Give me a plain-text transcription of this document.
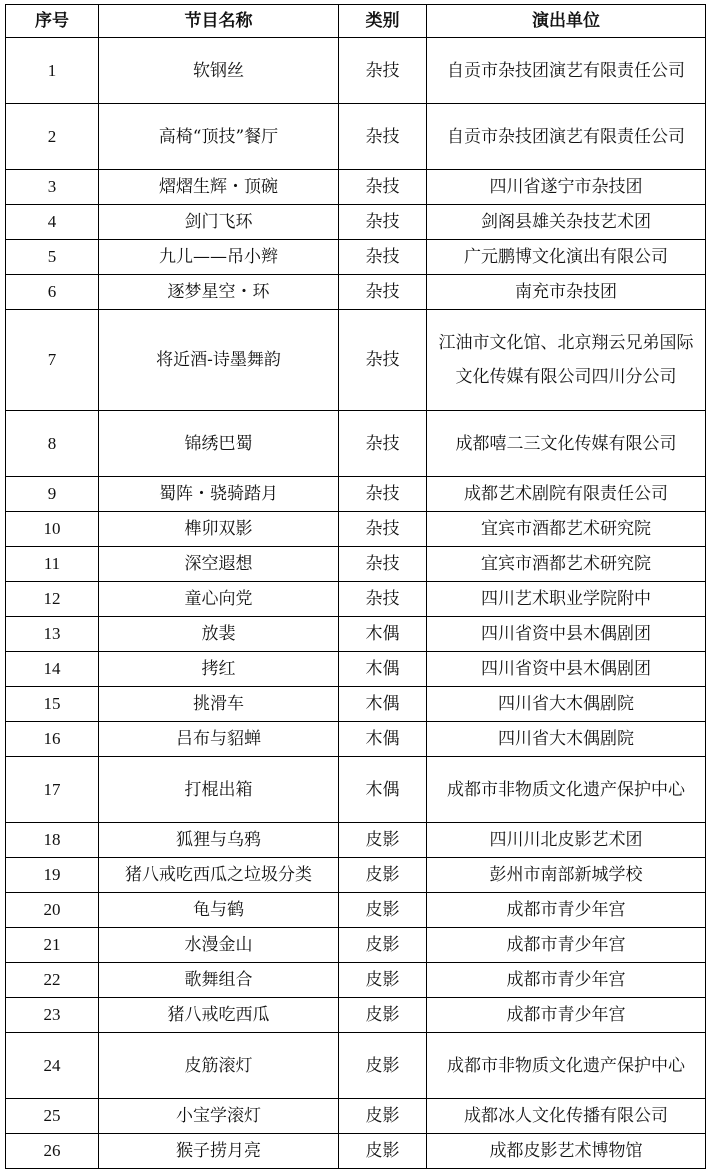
序号	节目名称	类别	演出单位
1	软钢丝	杂技	自贡市杂技团演艺有限责任公司
2	高椅“顶技”餐厅	杂技	自贡市杂技团演艺有限责任公司
3	熠熠生辉・顶碗	杂技	四川省遂宁市杂技团
4	剑门飞环	杂技	剑阁县雄关杂技艺术团
5	九儿——吊小辫	杂技	广元鹏博文化演出有限公司
6	逐梦星空・环	杂技	南充市杂技团
7	将近酒-诗墨舞韵	杂技	江油市文化馆、北京翔云兄弟国际文化传媒有限公司四川分公司
8	锦绣巴蜀	杂技	成都嘻二三文化传媒有限公司
9	蜀阵・骁骑踏月	杂技	成都艺术剧院有限责任公司
10	榫卯双影	杂技	宜宾市酒都艺术研究院
11	深空遐想	杂技	宜宾市酒都艺术研究院
12	童心向党	杂技	四川艺术职业学院附中
13	放裴	木偶	四川省资中县木偶剧团
14	拷红	木偶	四川省资中县木偶剧团
15	挑滑车	木偶	四川省大木偶剧院
16	吕布与貂蝉	木偶	四川省大木偶剧院
17	打棍出箱	木偶	成都市非物质文化遗产保护中心
18	狐狸与乌鸦	皮影	四川川北皮影艺术团
19	猪八戒吃西瓜之垃圾分类	皮影	彭州市南部新城学校
20	龟与鹤	皮影	成都市青少年宫
21	水漫金山	皮影	成都市青少年宫
22	歌舞组合	皮影	成都市青少年宫
23	猪八戒吃西瓜	皮影	成都市青少年宫
24	皮筋滚灯	皮影	成都市非物质文化遗产保护中心
25	小宝学滚灯	皮影	成都冰人文化传播有限公司
26	猴子捞月亮	皮影	成都皮影艺术博物馆
